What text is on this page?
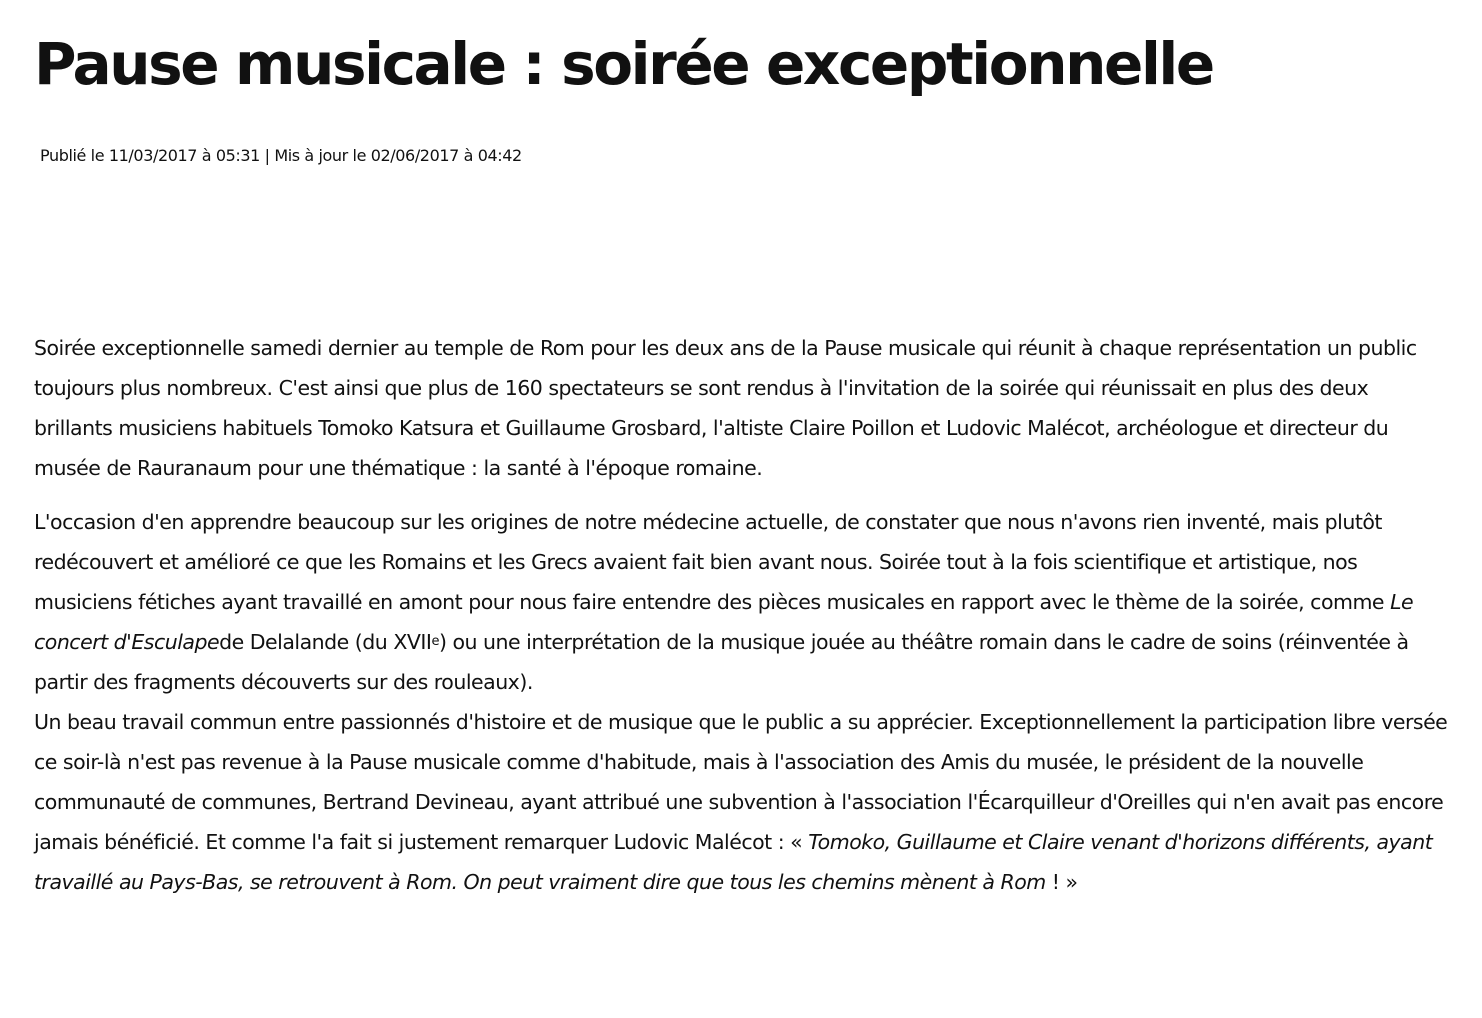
Pause musicale : soirée exceptionnelle
Publié le 11/03/2017 à 05:31 | Mis à jour le 02/06/2017 à 04:42

Soirée exceptionnelle samedi dernier au temple de Rom pour les deux ans de la Pause musicale qui réunit à chaque représentation un public toujours plus nombreux. C'est ainsi que plus de 160 spectateurs se sont rendus à l'invitation de la soirée qui réunissait en plus des deux brillants musiciens habituels Tomoko Katsura et Guillaume Grosbard, l'altiste Claire Poillon et Ludovic Malécot, archéologue et directeur du musée de Rauranaum pour une thématique : la santé à l'époque romaine.

L'occasion d'en apprendre beaucoup sur les origines de notre médecine actuelle, de constater que nous n'avons rien inventé, mais plutôt redécouvert et amélioré ce que les Romains et les Grecs avaient fait bien avant nous. Soirée tout à la fois scientifique et artistique, nos musiciens fétiches ayant travaillé en amont pour nous faire entendre des pièces musicales en rapport avec le thème de la soirée, comme Le concert d'Esculapede Delalande (du XVIIe) ou une interprétation de la musique jouée au théâtre romain dans le cadre de soins (réinventée à partir des fragments découverts sur des rouleaux).

Un beau travail commun entre passionnés d'histoire et de musique que le public a su apprécier. Exceptionnellement la participation libre versée ce soir-là n'est pas revenue à la Pause musicale comme d'habitude, mais à l'association des Amis du musée, le président de la nouvelle communauté de communes, Bertrand Devineau, ayant attribué une subvention à l'association l'Écarquilleur d'Oreilles qui n'en avait pas encore jamais bénéficié. Et comme l'a fait si justement remarquer Ludovic Malécot : « Tomoko, Guillaume et Claire venant d'horizons différents, ayant travaillé au Pays-Bas, se retrouvent à Rom. On peut vraiment dire que tous les chemins mènent à Rom ! »
